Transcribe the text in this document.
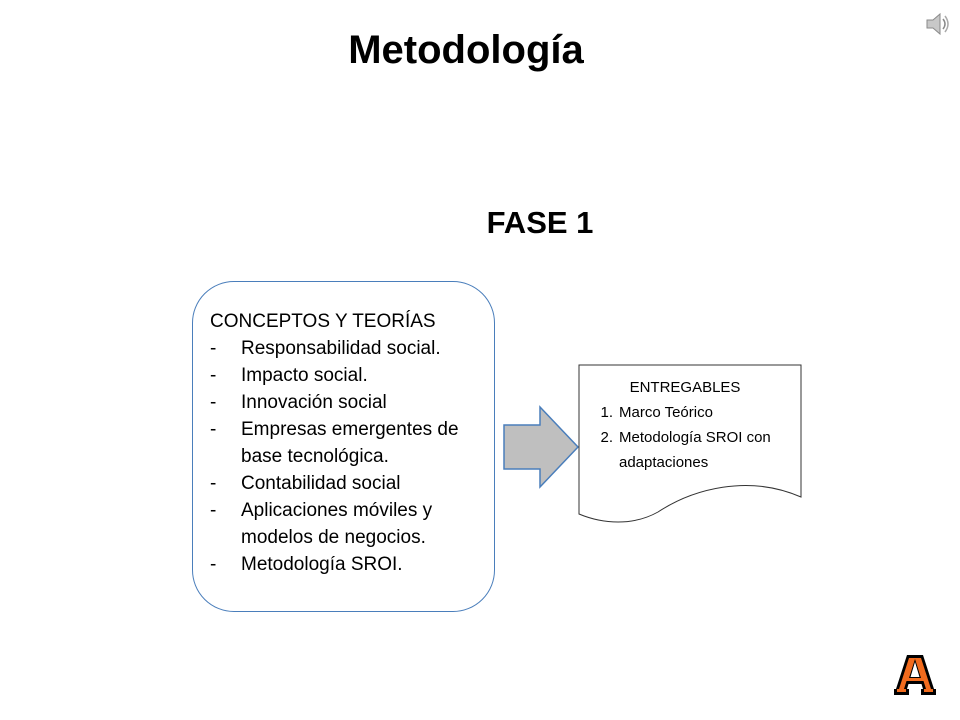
Metodología
FASE 1

CONCEPTOS Y TEORÍAS

-	Responsabilidad social.
-	Impacto social.
-	Innovación social
-	Empresas emergentes de base tecnológica.
-	Contabilidad social
-	Aplicaciones móviles y modelos de negocios.
-	Metodología SROI.

ENTREGABLES

1. Marco Teórico
2. Metodología SROI con adaptaciones
